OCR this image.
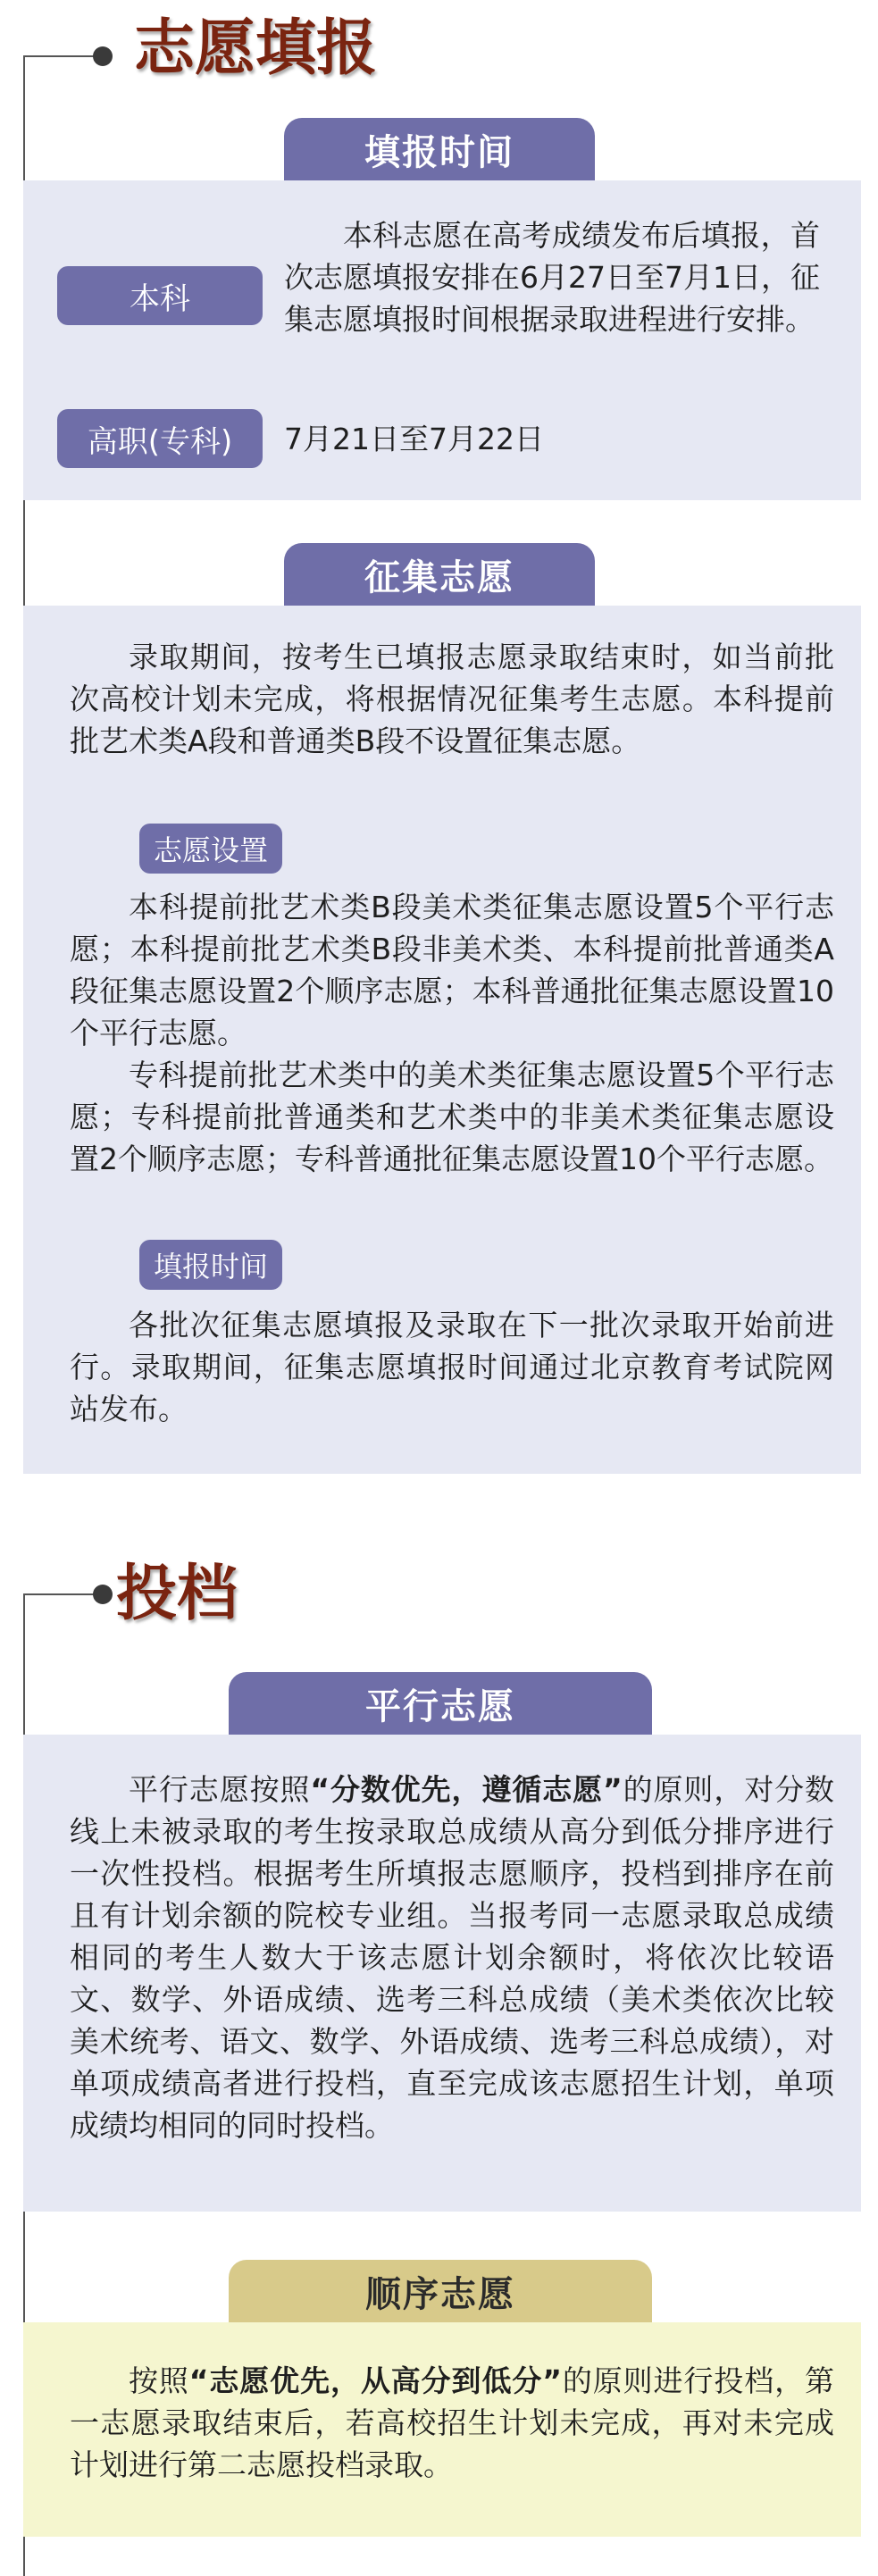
志愿填报
填报时间
本科
本科志愿在高考成绩发布后填报，首次志愿填报安排在6月27日至7月1日，征集志愿填报时间根据录取进程进行安排。
高职(专科)	7月21日至7月22日
征集志愿
录取期间，按考生已填报志愿录取结束时，如当前批次高校计划未完成，将根据情况征集考生志愿。本科提前批艺术类A段和普通类B段不设置征集志愿。
志愿设置
本科提前批艺术类B段美术类征集志愿设置5个平行志愿；本科提前批艺术类B段非美术类、本科提前批普通类A段征集志愿设置2个顺序志愿；本科普通批征集志愿设置10个平行志愿。
专科提前批艺术类中的美术类征集志愿设置5个平行志愿；专科提前批普通类和艺术类中的非美术类征集志愿设置2个顺序志愿；专科普通批征集志愿设置10个平行志愿。
填报时间
各批次征集志愿填报及录取在下一批次录取开始前进行。录取期间，征集志愿填报时间通过北京教育考试院网站发布。
投档
平行志愿
平行志愿按照“分数优先，遵循志愿”的原则，对分数线上未被录取的考生按录取总成绩从高分到低分排序进行一次性投档。根据考生所填报志愿顺序，投档到排序在前且有计划余额的院校专业组。当报考同一志愿录取总成绩相同的考生人数大于该志愿计划余额时，将依次比较语文、数学、外语成绩、选考三科总成绩（美术类依次比较美术统考、语文、数学、外语成绩、选考三科总成绩），对单项成绩高者进行投档，直至完成该志愿招生计划，单项成绩均相同的同时投档。
顺序志愿
按照“志愿优先，从高分到低分”的原则进行投档，第一志愿录取结束后，若高校招生计划未完成，再对未完成计划进行第二志愿投档录取。
